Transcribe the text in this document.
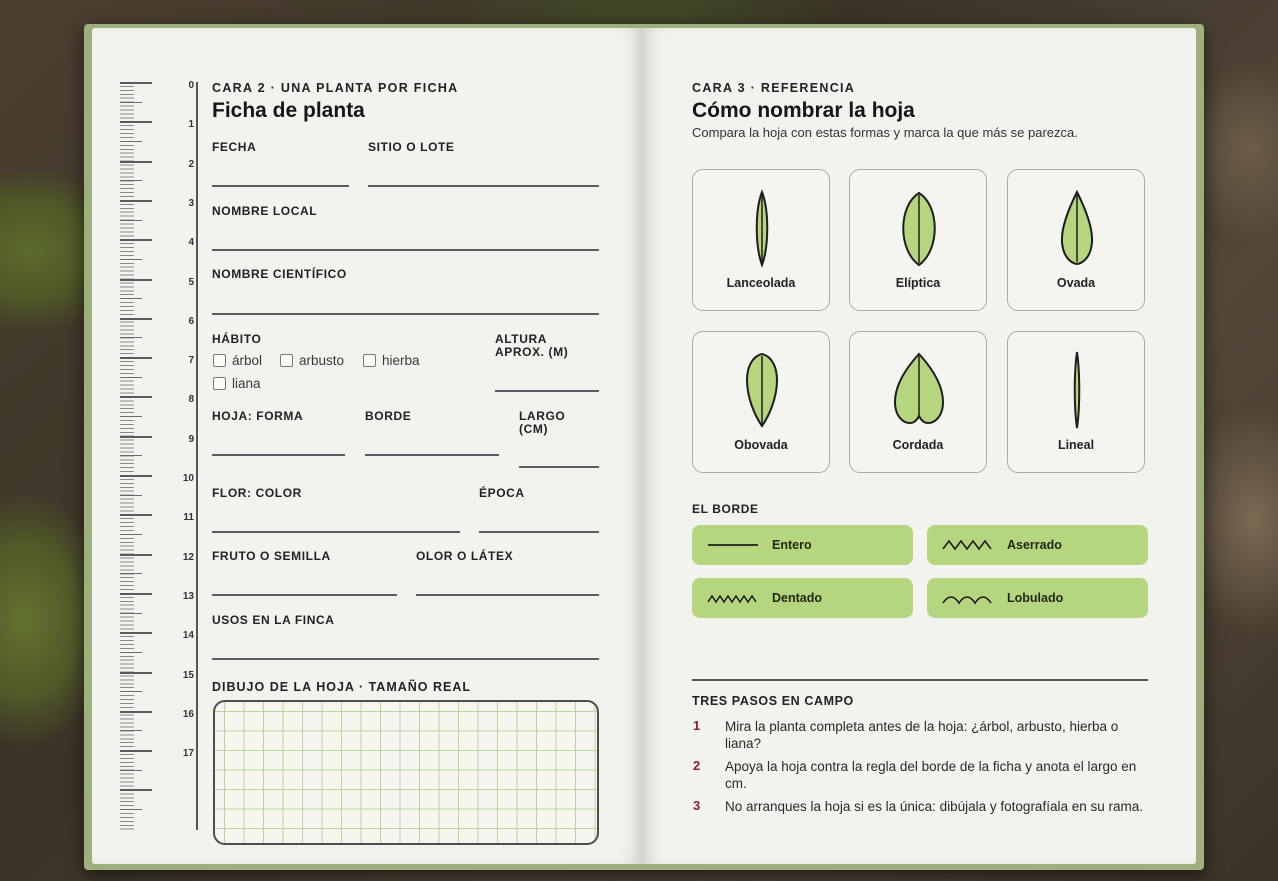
0
1
2
3
4
5
6
7
8
9
10
11
12
13
14
15
16
17
CARA 2 · UNA PLANTA POR FICHA
Ficha de planta
FECHA	SITIO O LOTE
NOMBRE LOCAL
NOMBRE CIENTÍFICO
HÁBITO
árbol	arbusto	hierba
liana
ALTURA APROX. (M)
HOJA: FORMA	BORDE	LARGO (CM)
FLOR: COLOR	ÉPOCA
FRUTO O SEMILLA	OLOR O LÁTEX
USOS EN LA FINCA
DIBUJO DE LA HOJA · TAMAÑO REAL
CARA 3 · REFERENCIA
Cómo nombrar la hoja
Compara la hoja con estas formas y marca la que más se parezca.
Lanceolada	Elíptica	Ovada
Obovada	Cordada	Lineal
EL BORDE
Entero	Aserrado
Dentado	Lobulado
TRES PASOS EN CAMPO
1 Mira la planta completa antes de la hoja: ¿árbol, arbusto, hierba o liana?
2 Apoya la hoja contra la regla del borde de la ficha y anota el largo en cm.
3 No arranques la hoja si es la única: dibújala y fotografíala en su rama.
